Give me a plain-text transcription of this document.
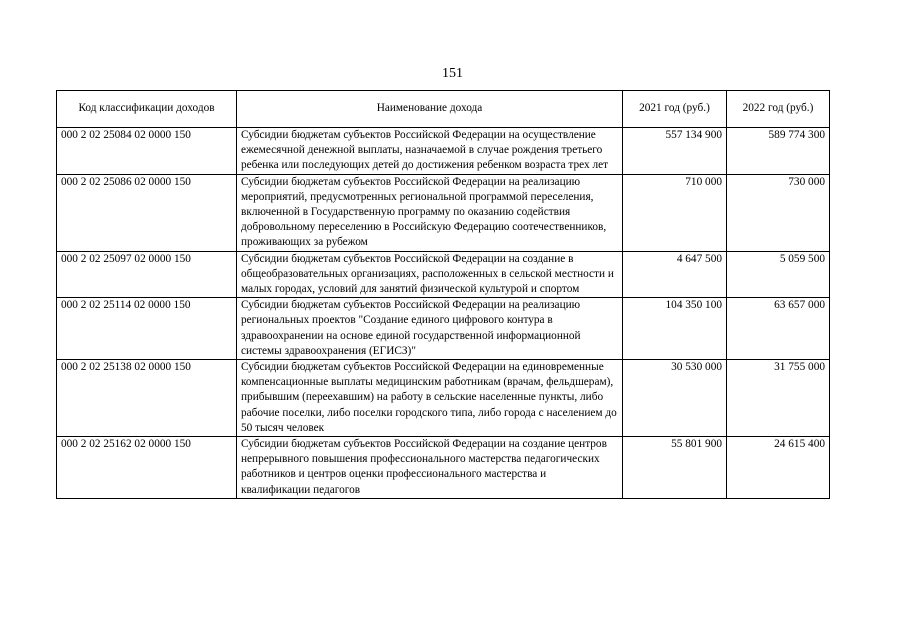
151
Код классификации доходов	Наименование дохода	2021 год (руб.)	2022 год (руб.)
000 2 02 25084 02 0000 150	Субсидии бюджетам субъектов Российской Федерации на осуществление ежемесячной денежной выплаты, назначаемой в случае рождения третьего ребенка или последующих детей до достижения ребенком возраста трех лет	557 134 900	589 774 300
000 2 02 25086 02 0000 150	Субсидии бюджетам субъектов Российской Федерации на реализацию мероприятий, предусмотренных региональной программой переселения, включенной в Государственную программу по оказанию содействия добровольному переселению в Российскую Федерацию соотечественников, проживающих за рубежом	710 000	730 000
000 2 02 25097 02 0000 150	Субсидии бюджетам субъектов Российской Федерации на создание в общеобразовательных организациях, расположенных в сельской местности и малых городах, условий для занятий физической культурой и спортом	4 647 500	5 059 500
000 2 02 25114 02 0000 150	Субсидии бюджетам субъектов Российской Федерации на реализацию региональных проектов "Создание единого цифрового контура в здравоохранении на основе единой государственной информационной системы здравоохранения (ЕГИСЗ)"	104 350 100	63 657 000
000 2 02 25138 02 0000 150	Субсидии бюджетам субъектов Российской Федерации на единовременные компенсационные выплаты медицинским работникам (врачам, фельдшерам), прибывшим (переехавшим) на работу в сельские населенные пункты, либо рабочие поселки, либо поселки городского типа, либо города с населением до 50 тысяч человек	30 530 000	31 755 000
000 2 02 25162 02 0000 150	Субсидии бюджетам субъектов Российской Федерации на создание центров непрерывного повышения профессионального мастерства педагогических работников и центров оценки профессионального мастерства и квалификации педагогов	55 801 900	24 615 400
